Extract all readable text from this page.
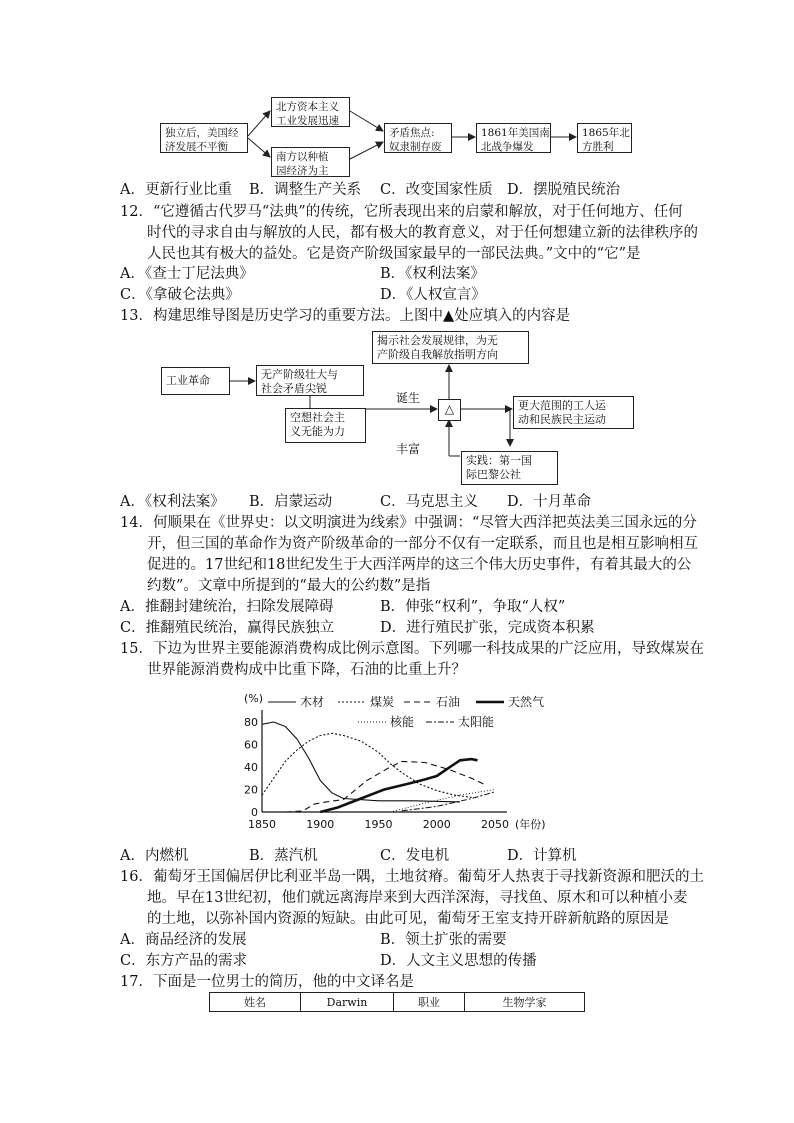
独立后，美国经
济发展不平衡
北方资本主义
工业发展迅速
南方以种植
园经济为主
矛盾焦点:
奴隶制存废
1861年美国南
北战争爆发
1865年北
方胜利
A．更新行业比重 B．调整生产关系 C．改变国家性质 D．摆脱殖民统治
12．“它遵循古代罗马“法典”的传统，它所表现出来的启蒙和解放，对于任何地方、任何
时代的寻求自由与解放的人民，都有极大的教育意义，对于任何想建立新的法律秩序的
人民也其有极大的益处。它是资产阶级国家最早的一部民法典。”文中的“它”是
A．《查士丁尼法典》	B．《权利法案》
C．《拿破仑法典》	D．《人权宣言》
13．构建思维导图是历史学习的重要方法。上图中▲处应填入的内容是
揭示社会发展规律，为无
产阶级自我解放指明方向
工业革命	无产阶级壮大与
社会矛盾尖锐
空想社会主
义无能为力
诞生
丰富
△	更大范围的工人运
动和民族民主运动
实践：第一国
际巴黎公社
A．《权利法案》 B．启蒙运动	C．马克思主义 D．十月革命
14．何顺果在《世界史：以文明演进为线索》中强调：“尽管大西洋把英法美三国永远的分
开，但三国的革命作为资产阶级革命的一部分不仅有一定联系，而且也是相互影响相互
促进的。17世纪和18世纪发生于大西洋两岸的这三个伟大历史事件，有着其最大的公
约数”。文章中所提到的“最大的公约数”是指
A．推翻封建统治，扫除发展障碍	B．伸张“权利”，争取“人权”
C．推翻殖民统治，赢得民族独立	D．进行殖民扩张，完成资本积累
15．下边为世界主要能源消费构成比例示意图。下列哪一科技成果的广泛应用，导致煤炭在
世界能源消费构成中比重下降，石油的比重上升？
(%)
0
20
40
60
80
1850	1900	1950	2000	2050 (年份)
木材	煤炭	石油	天然气
核能	太阳能
A．内燃机	B．蒸汽机	C．发电机	D．计算机
16．葡萄牙王国偏居伊比利亚半岛一隅，土地贫瘠。葡萄牙人热衷于寻找新资源和肥沃的土
地。早在13世纪初，他们就远离海岸来到大西洋深海，寻找鱼、原木和可以种植小麦
的土地，以弥补国内资源的短缺。由此可见，葡萄牙王室支持开辟新航路的原因是
A．商品经济的发展	B．领土扩张的需要
C．东方产品的需求	D．人文主义思想的传播
17．下面是一位男士的简历，他的中文译名是
姓名	Darwin	职业	生物学家
